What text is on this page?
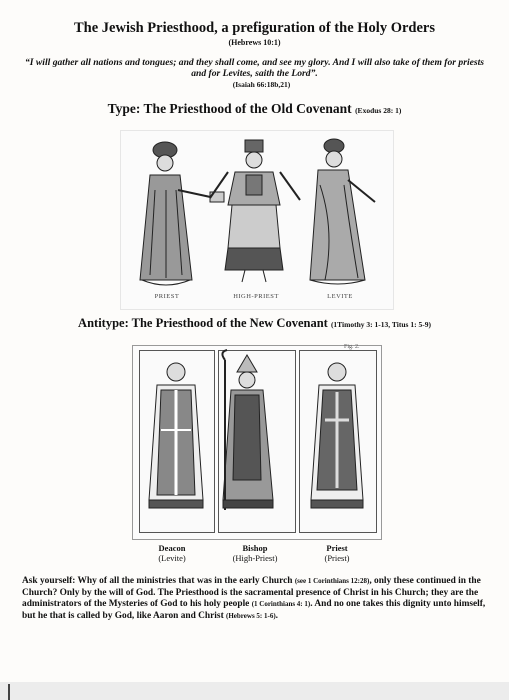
The Jewish Priesthood, a prefiguration of the Holy Orders
(Hebrews 10:1)
“I will gather all nations and tongues; and they shall come, and see my glory. And I will also take of them for priests and for Levites, saith the Lord”.
(Isaiah 66:18b,21)
Type: The Priesthood of the Old Covenant (Exodus 28: 1)
PRIEST	HIGH-PRIEST	LEVITE
Antitype: The Priesthood of the New Covenant (1Timothy 3: 1-13, Titus 1: 5-9)
Fig. 2.
Deacon
(Levite)
Bishop
(High-Priest)
Priest
(Priest)
Ask yourself: Why of all the ministries that was in the early Church (see 1 Corinthians 12:28), only these continued in the Church? Only by the will of God. The Priesthood is the sacramental presence of Christ in his Church; they are the administrators of the Mysteries of God to his holy people (1 Corinthians 4: 1). And no one takes this dignity unto himself, but he that is called by God, like Aaron and Christ (Hebrews 5: 1-6).
